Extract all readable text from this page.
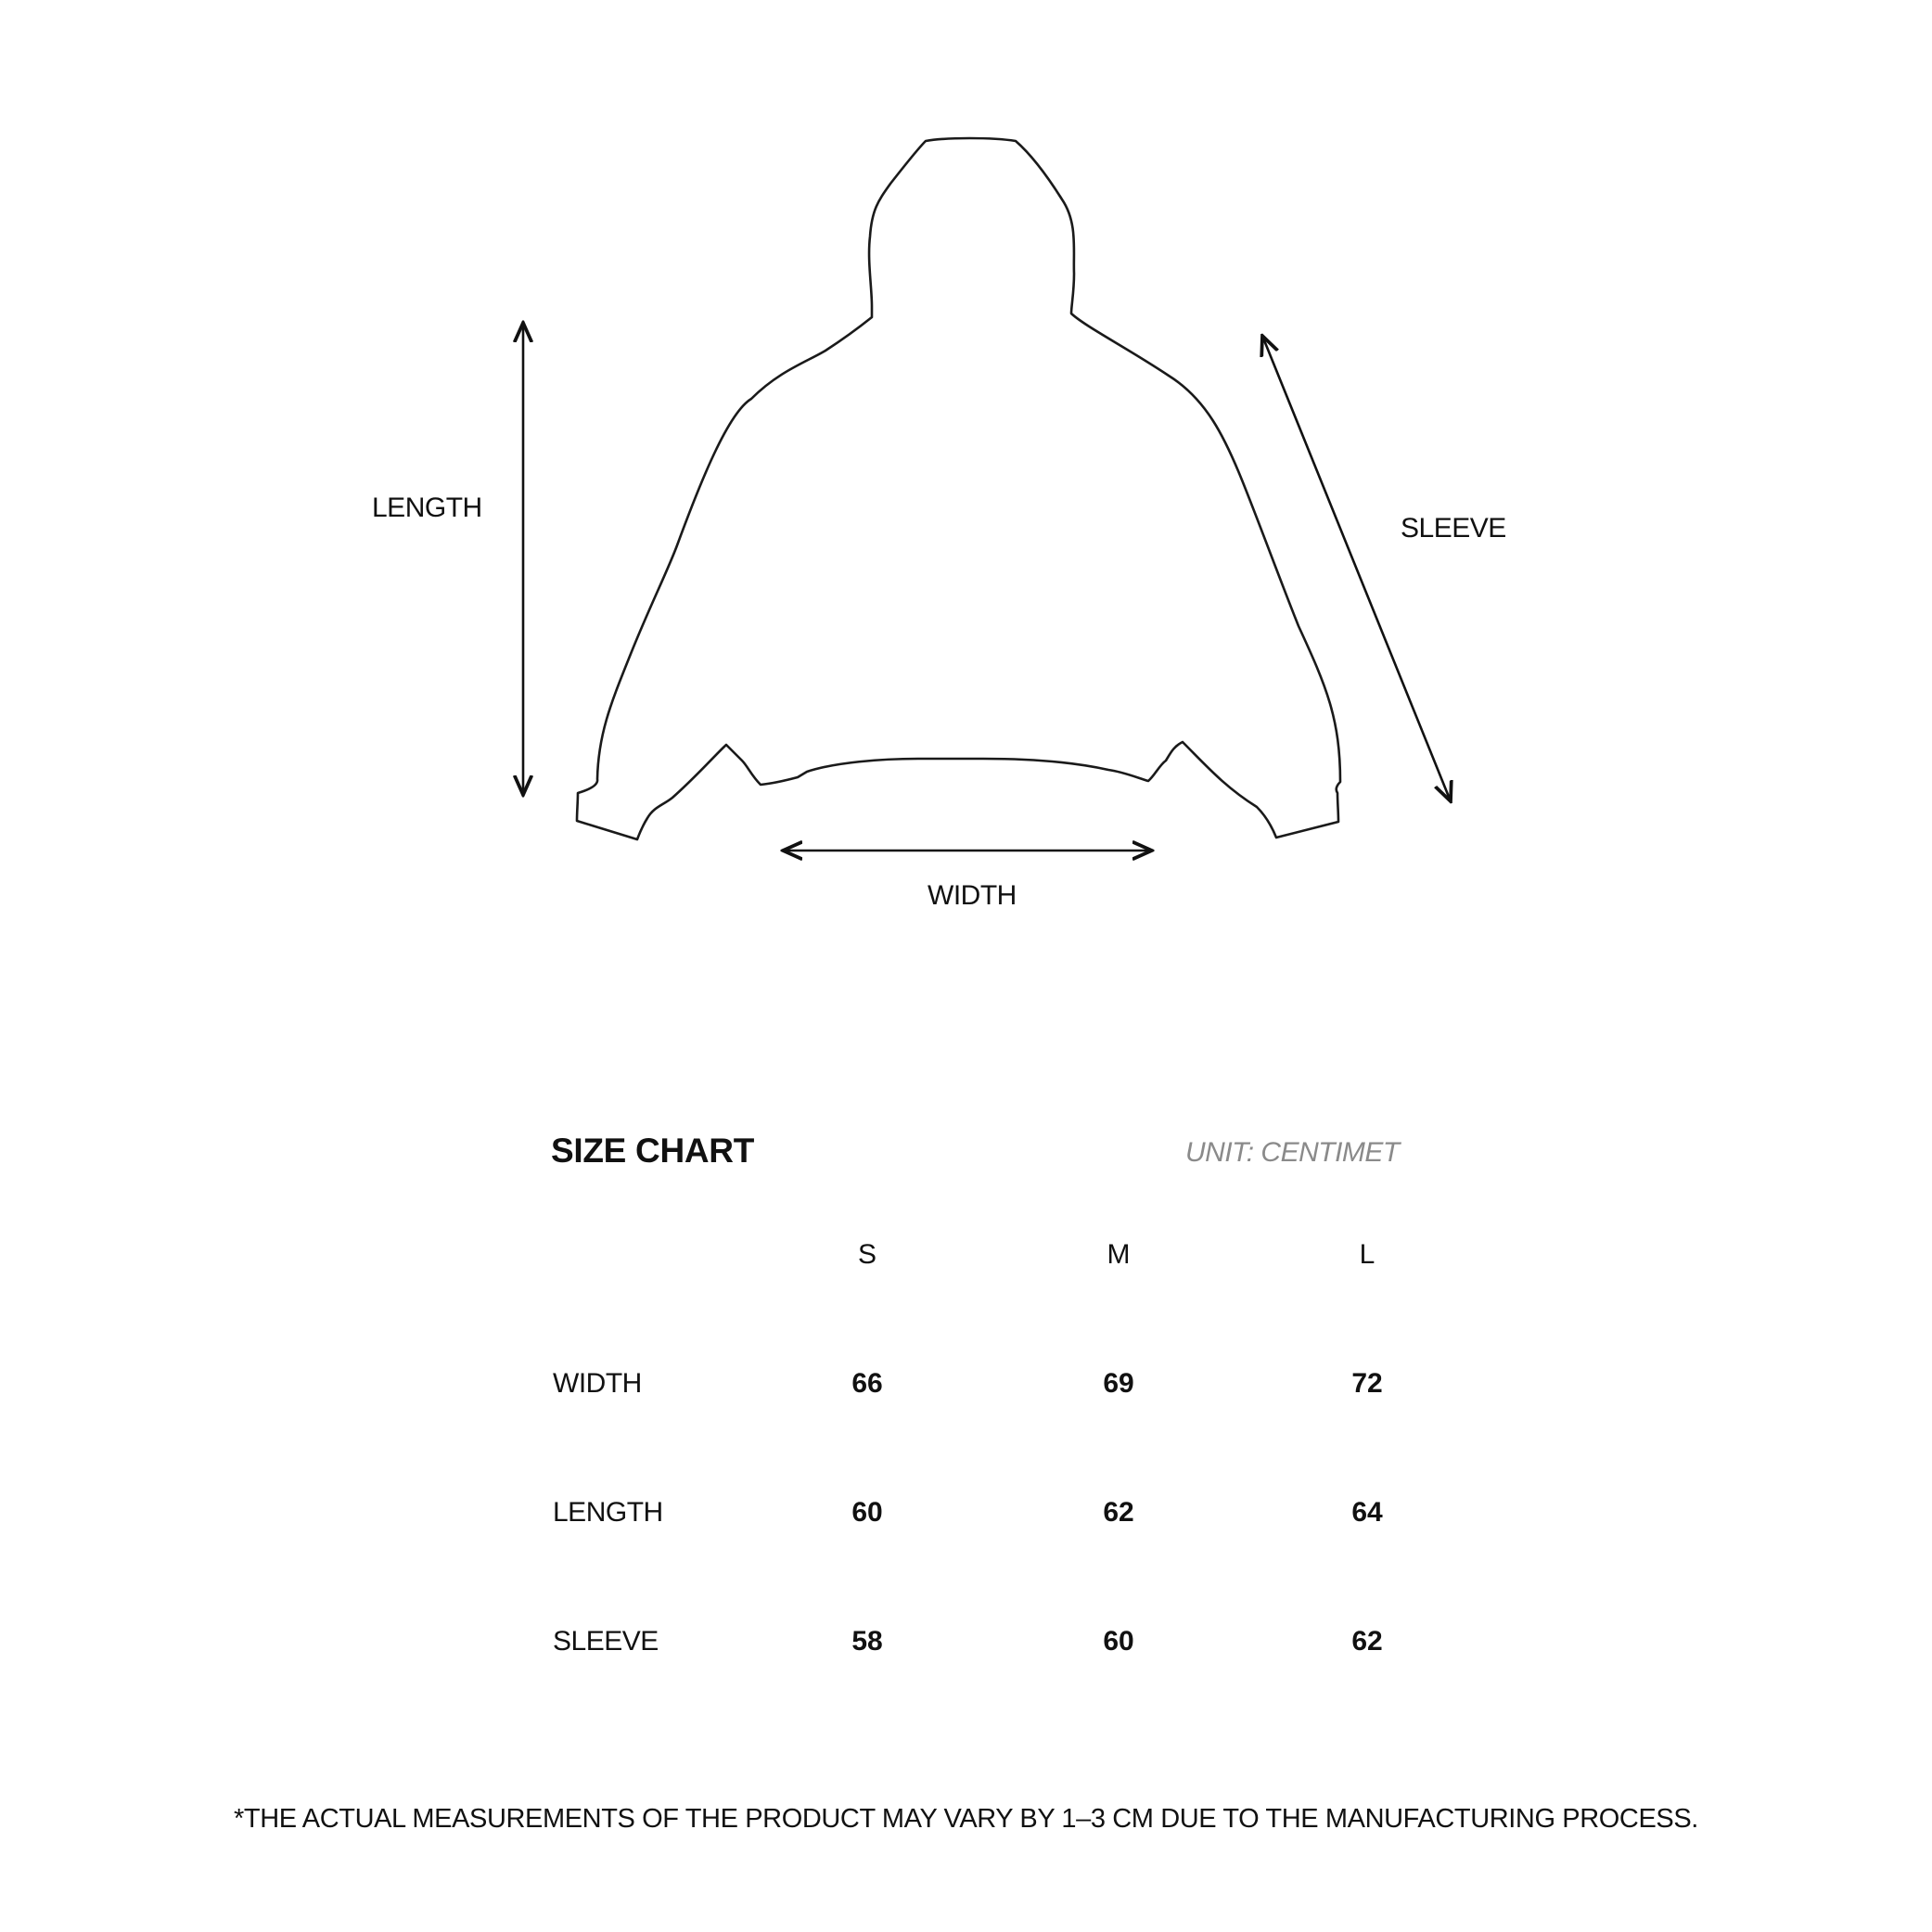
LENGTH
SLEEVE
WIDTH
SIZE CHART	UNIT: CENTIMET
S	M	L
WIDTH	66	69	72
LENGTH	60	62	64
SLEEVE	58	60	62
*THE ACTUAL MEASUREMENTS OF THE PRODUCT MAY VARY BY 1–3 CM DUE TO THE MANUFACTURING PROCESS.
